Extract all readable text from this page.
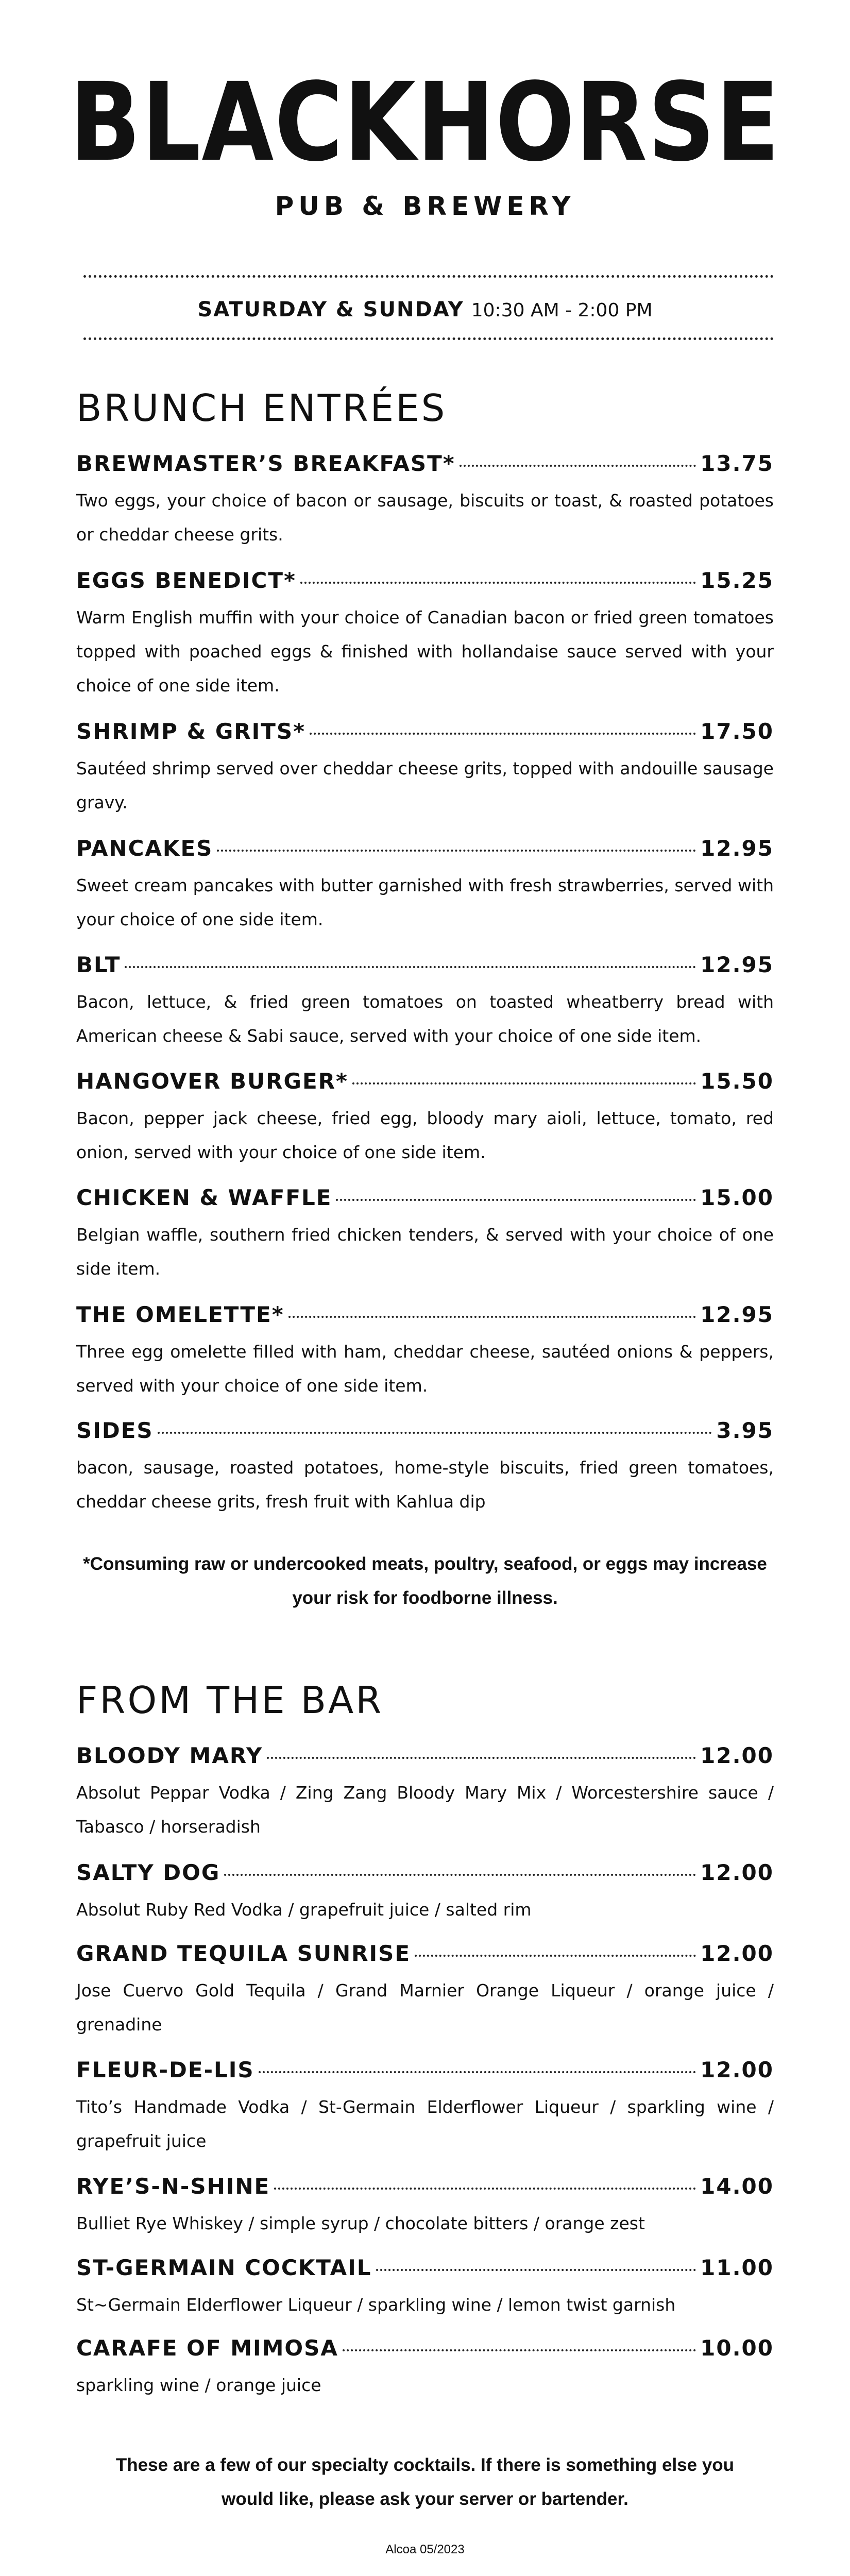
BLACKHORSE
PUB & BREWERY
SATURDAY & SUNDAY 10:30 AM - 2:00 PM
BRUNCH ENTRÉES
BREWMASTER’S BREAKFAST*	13.75
Two eggs, your choice of bacon or sausage, biscuits or toast, & roasted potatoes or cheddar cheese grits.
EGGS BENEDICT*	15.25
Warm English muffin with your choice of Canadian bacon or fried green tomatoes topped with poached eggs & finished with hollandaise sauce served with your choice of one side item.
SHRIMP & GRITS*	17.50
Sautéed shrimp served over cheddar cheese grits, topped with andouille sausage gravy.
PANCAKES	12.95
Sweet cream pancakes with butter garnished with fresh strawberries, served with your choice of one side item.
BLT	12.95
Bacon, lettuce, & fried green tomatoes on toasted wheatberry bread with American cheese & Sabi sauce, served with your choice of one side item.
HANGOVER BURGER*	15.50
Bacon, pepper jack cheese, fried egg, bloody mary aioli, lettuce, tomato, red onion, served with your choice of one side item.
CHICKEN & WAFFLE	15.00
Belgian waffle, southern fried chicken tenders, & served with your choice of one side item.
THE OMELETTE*	12.95
Three egg omelette filled with ham, cheddar cheese, sautéed onions & peppers, served with your choice of one side item.
SIDES	3.95
bacon, sausage, roasted potatoes, home-style biscuits, fried green tomatoes, cheddar cheese grits, fresh fruit with Kahlua dip
*Consuming raw or undercooked meats, poultry, seafood, or eggs may increase your risk for foodborne illness.
FROM THE BAR
BLOODY MARY	12.00
Absolut Peppar Vodka / Zing Zang Bloody Mary Mix / Worcestershire sauce / Tabasco / horseradish
SALTY DOG	12.00
Absolut Ruby Red Vodka / grapefruit juice / salted rim
GRAND TEQUILA SUNRISE	12.00
Jose Cuervo Gold Tequila / Grand Marnier Orange Liqueur / orange juice / grenadine
FLEUR-DE-LIS	12.00
Tito’s Handmade Vodka / St-Germain Elderflower Liqueur / sparkling wine / grapefruit juice
RYE’S-N-SHINE	14.00
Bulliet Rye Whiskey / simple syrup / chocolate bitters / orange zest
ST-GERMAIN COCKTAIL	11.00
St~Germain Elderflower Liqueur / sparkling wine / lemon twist garnish
CARAFE OF MIMOSA	10.00
sparkling wine / orange juice
These are a few of our specialty cocktails. If there is something else you would like, please ask your server or bartender.
Alcoa 05/2023
